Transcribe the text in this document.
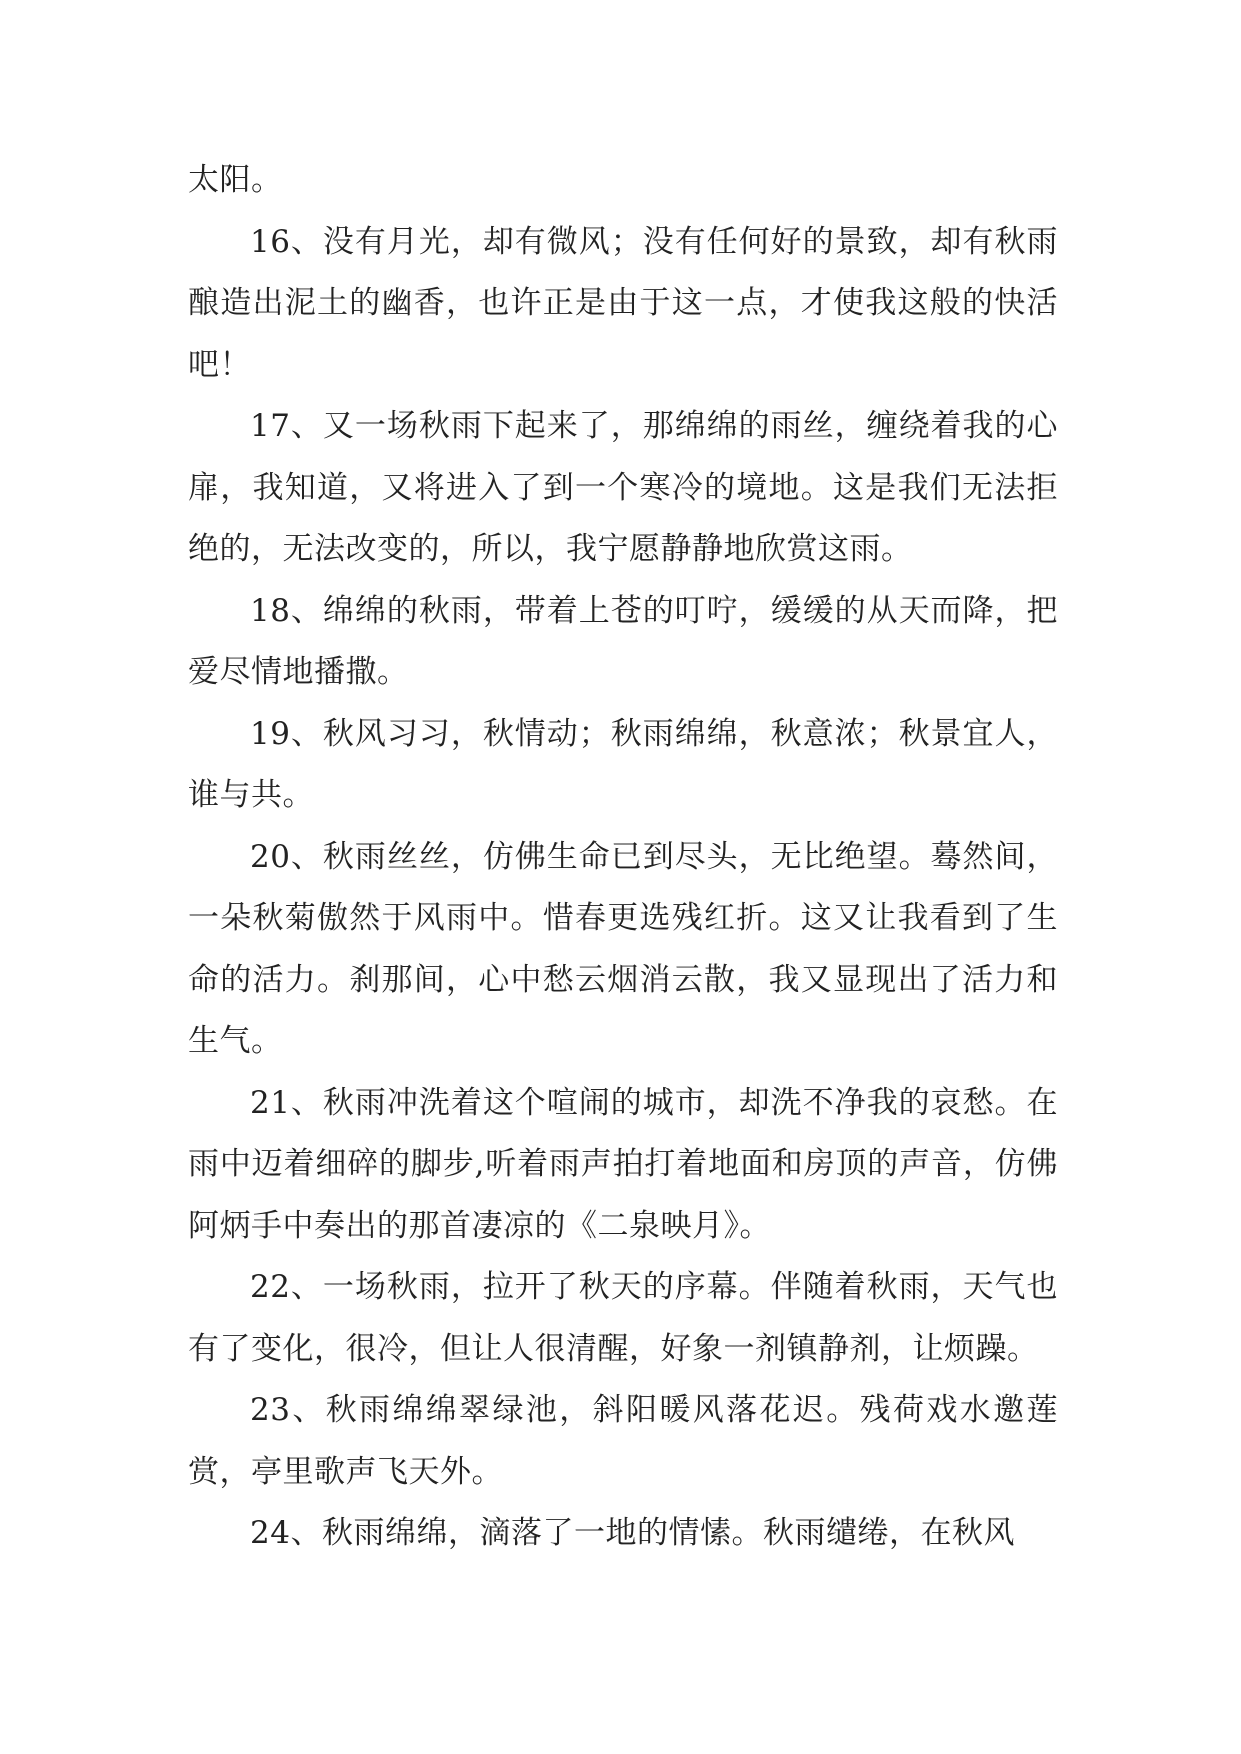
太阳。

16、没有月光，却有微风；没有任何好的景致，却有秋雨酿造出泥土的幽香，也许正是由于这一点，才使我这般的快活吧！

17、又一场秋雨下起来了，那绵绵的雨丝，缠绕着我的心扉，我知道，又将进入了到一个寒冷的境地。这是我们无法拒绝的，无法改变的，所以，我宁愿静静地欣赏这雨。

18、绵绵的秋雨，带着上苍的叮咛，缓缓的从天而降，把爱尽情地播撒。

19、秋风习习，秋情动；秋雨绵绵，秋意浓；秋景宜人，谁与共。

20、秋雨丝丝，仿佛生命已到尽头，无比绝望。蓦然间，一朵秋菊傲然于风雨中。惜春更选残红折。这又让我看到了生命的活力。刹那间，心中愁云烟消云散，我又显现出了活力和生气。

21、秋雨冲洗着这个喧闹的城市，却洗不净我的哀愁。在雨中迈着细碎的脚步,听着雨声拍打着地面和房顶的声音，仿佛阿炳手中奏出的那首凄凉的《二泉映月》。

22、一场秋雨，拉开了秋天的序幕。伴随着秋雨，天气也有了变化，很冷，但让人很清醒，好象一剂镇静剂，让烦躁。

23、秋雨绵绵翠绿池，斜阳暖风落花迟。残荷戏水邀莲赏，亭里歌声飞天外。

24、秋雨绵绵，滴落了一地的情愫。秋雨缱绻，在秋风
